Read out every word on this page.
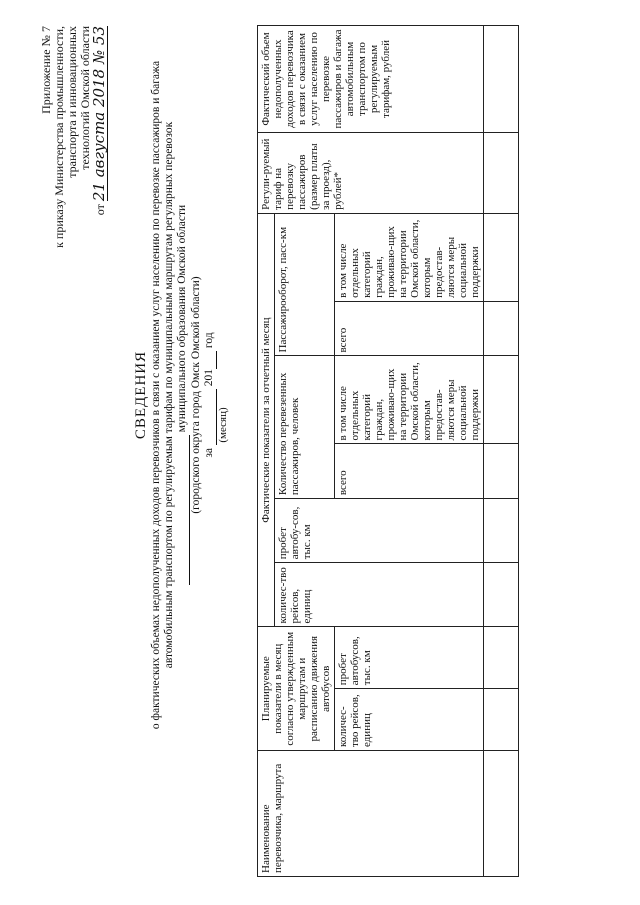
Приложение № 7 к приказу Министерства промышленности, транспорта и инновационных технологий Омской области
от 21 августа 2018 № 53
СВЕДЕНИЯ о фактических объемах недополученных доходов перевозчиков в связи с оказанием услуг населению по перевозке пассажиров и багажа автомобильным транспортом по регулируемым тарифам по муниципальным маршрутам регулярных перевозок муниципального образования Омской области (городского округа город Омск Омской области) за   201  год
(месяц)
Наименование перевозчика, маршрута	Планируемые показатели в месяц согласно утвержденным маршрутам и расписанию движения автобусов		Фактические показатели за отчетный месяц						Регули-руемый тариф на перевозку пассажиров (размер платы за проезд), рублей*	Фактический объем недополученных доходов перевозчика в связи с оказанием услуг населению по перевозке пассажиров и багажа автомобильным транспортом по регулируемым тарифам, рублей
			количес-тво рейсов, единиц	пробет автобу-сов, тыс. км	Количество перевезенных пассажиров, человек		Пассажирооборот, пасс-км			
	количес-тво рейсов, единиц	пробет автобусов, тыс. км			всего	в том числе отдельных категорий граждан, проживаю-щих на территории Омской области, которым предостав-ляются меры социальной поддержки	всего	в том числе отдельных категорий граждан, проживаю-щих на территории Омской области, которым предостав-ляются меры социальной поддержки		
